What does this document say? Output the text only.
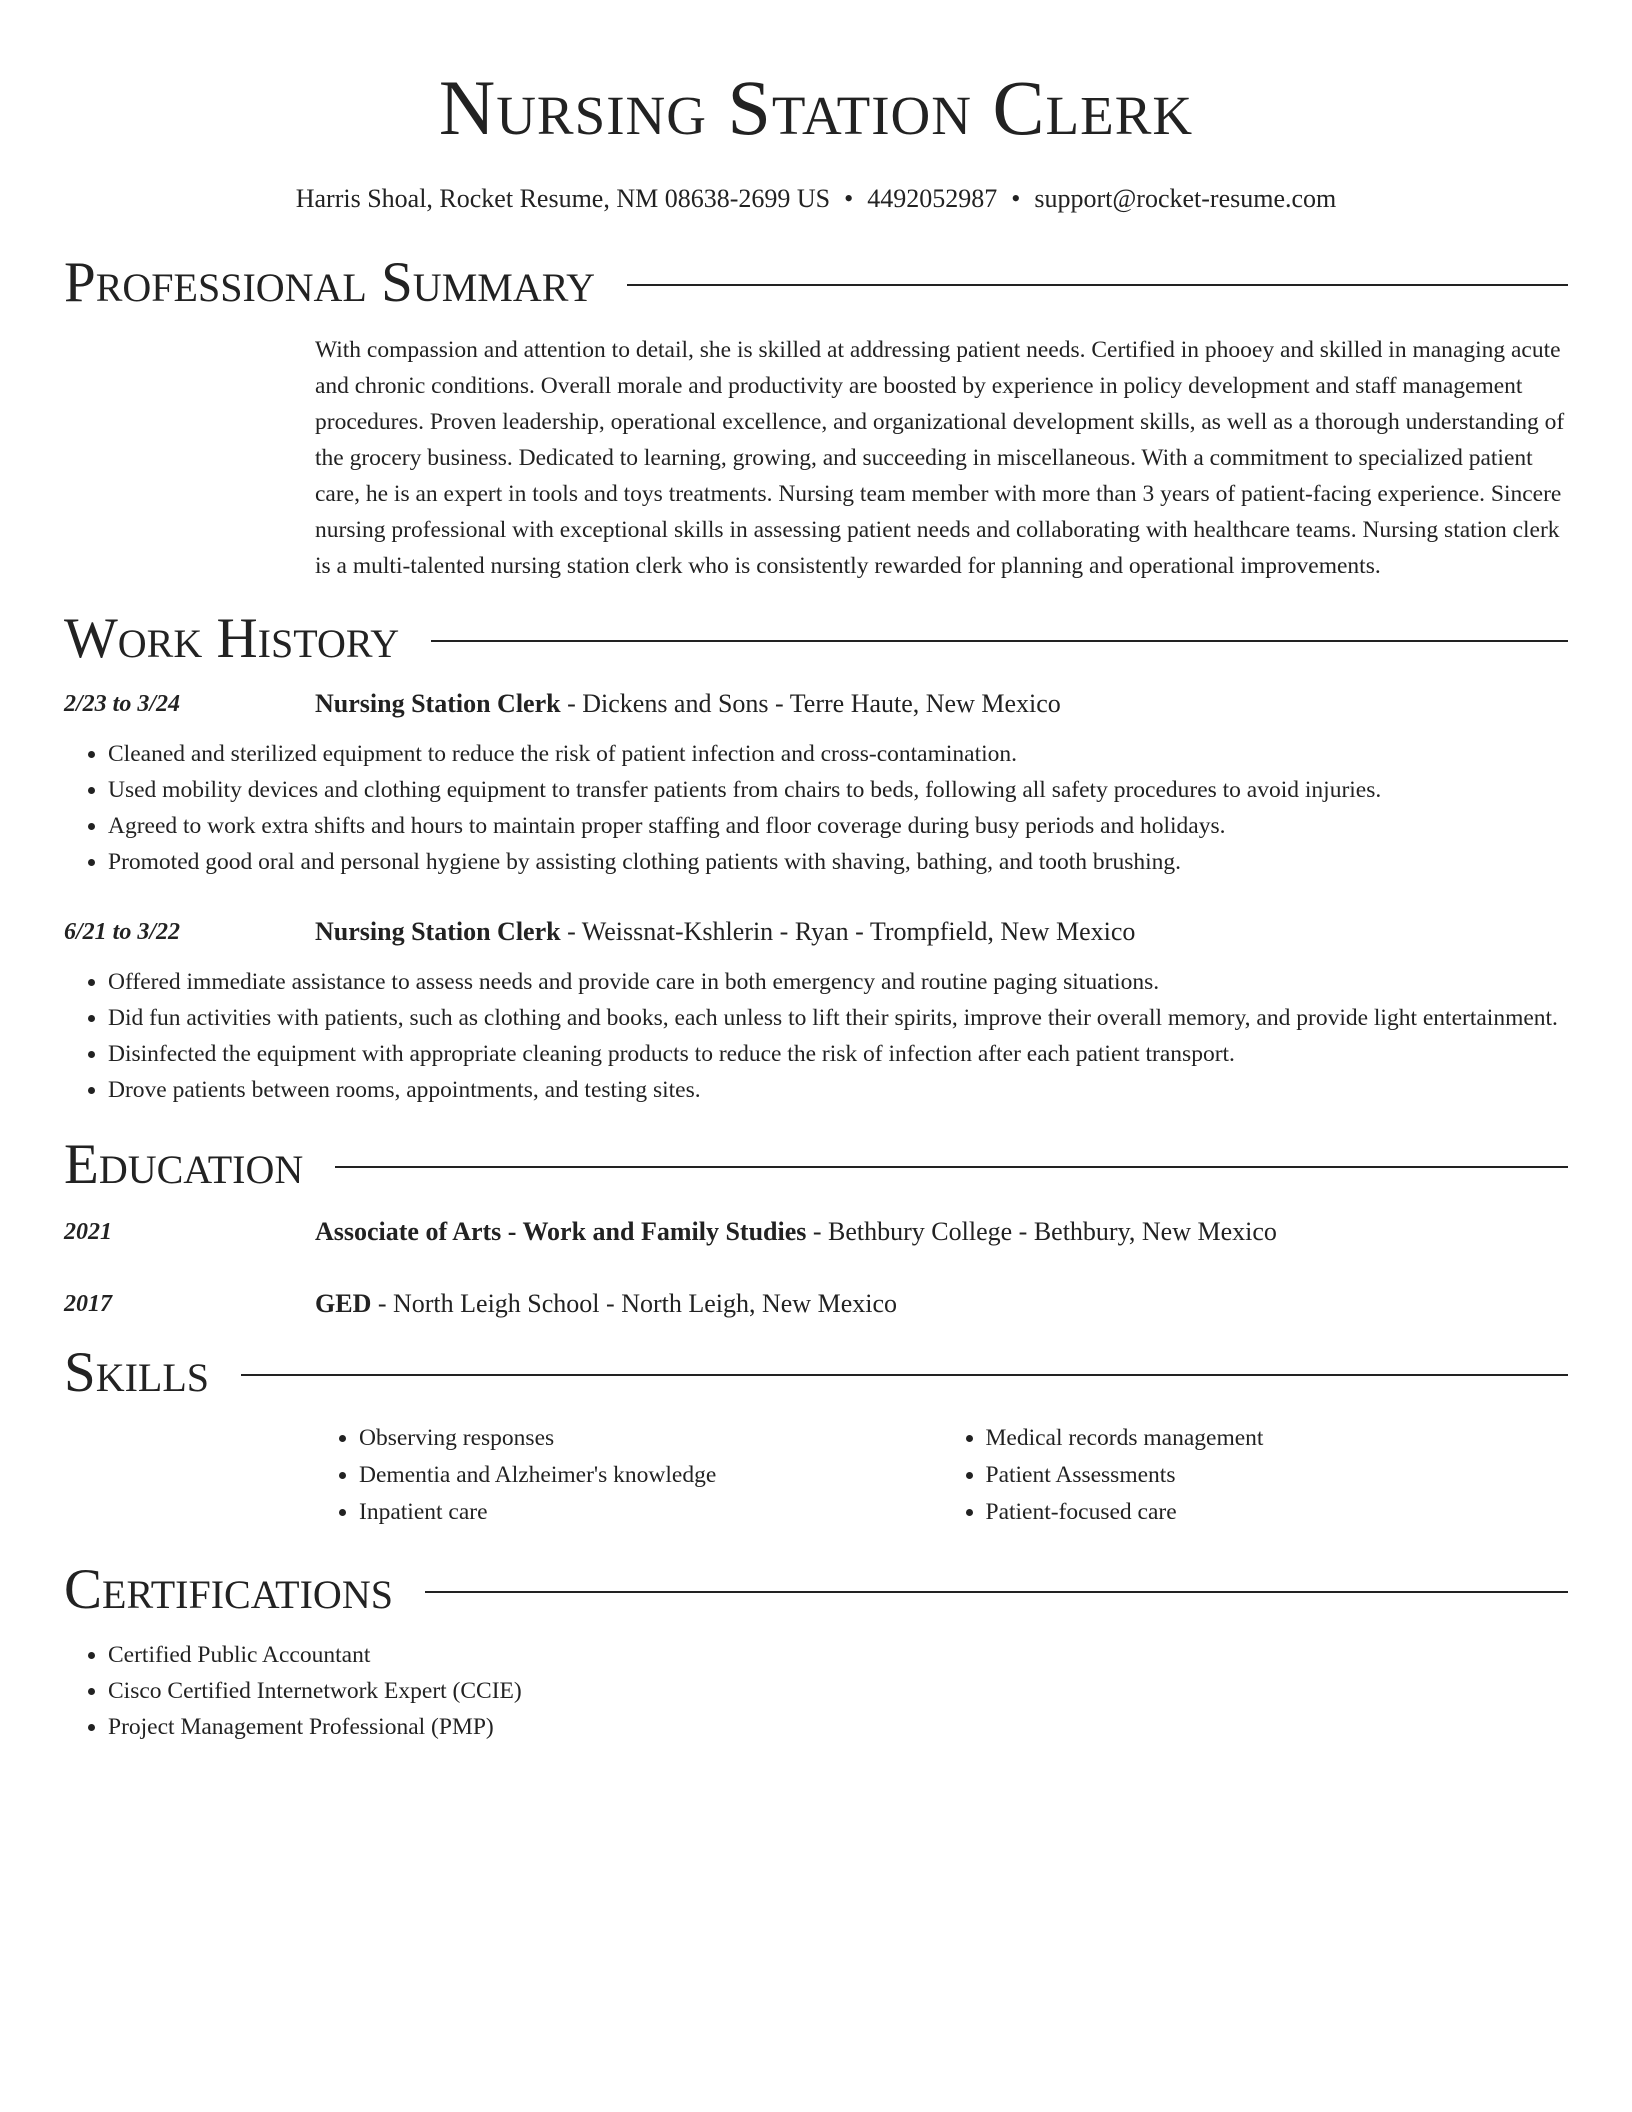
Nursing Station Clerk
Harris Shoal, Rocket Resume, NM 08638-2699 US • 4492052987 • support@rocket-resume.com
Professional Summary
With compassion and attention to detail, she is skilled at addressing patient needs. Certified in phooey and skilled in managing acute and chronic conditions. Overall morale and productivity are boosted by experience in policy development and staff management procedures. Proven leadership, operational excellence, and organizational development skills, as well as a thorough understanding of the grocery business. Dedicated to learning, growing, and succeeding in miscellaneous. With a commitment to specialized patient care, he is an expert in tools and toys treatments. Nursing team member with more than 3 years of patient-facing experience. Sincere nursing professional with exceptional skills in assessing patient needs and collaborating with healthcare teams. Nursing station clerk is a multi-talented nursing station clerk who is consistently rewarded for planning and operational improvements.
Work History
2/23 to 3/24	Nursing Station Clerk - Dickens and Sons - Terre Haute, New Mexico
• Cleaned and sterilized equipment to reduce the risk of patient infection and cross-contamination.
• Used mobility devices and clothing equipment to transfer patients from chairs to beds, following all safety procedures to avoid injuries.
• Agreed to work extra shifts and hours to maintain proper staffing and floor coverage during busy periods and holidays.
• Promoted good oral and personal hygiene by assisting clothing patients with shaving, bathing, and tooth brushing.
6/21 to 3/22	Nursing Station Clerk - Weissnat-Kshlerin - Ryan - Trompfield, New Mexico
• Offered immediate assistance to assess needs and provide care in both emergency and routine paging situations.
• Did fun activities with patients, such as clothing and books, each unless to lift their spirits, improve their overall memory, and provide light entertainment.
• Disinfected the equipment with appropriate cleaning products to reduce the risk of infection after each patient transport.
• Drove patients between rooms, appointments, and testing sites.
Education
2021	Associate of Arts - Work and Family Studies - Bethbury College - Bethbury, New Mexico
2017	GED - North Leigh School - North Leigh, New Mexico
Skills
• Observing responses
• Dementia and Alzheimer's knowledge
• Inpatient care
• Medical records management
• Patient Assessments
• Patient-focused care
Certifications
• Certified Public Accountant
• Cisco Certified Internetwork Expert (CCIE)
• Project Management Professional (PMP)
